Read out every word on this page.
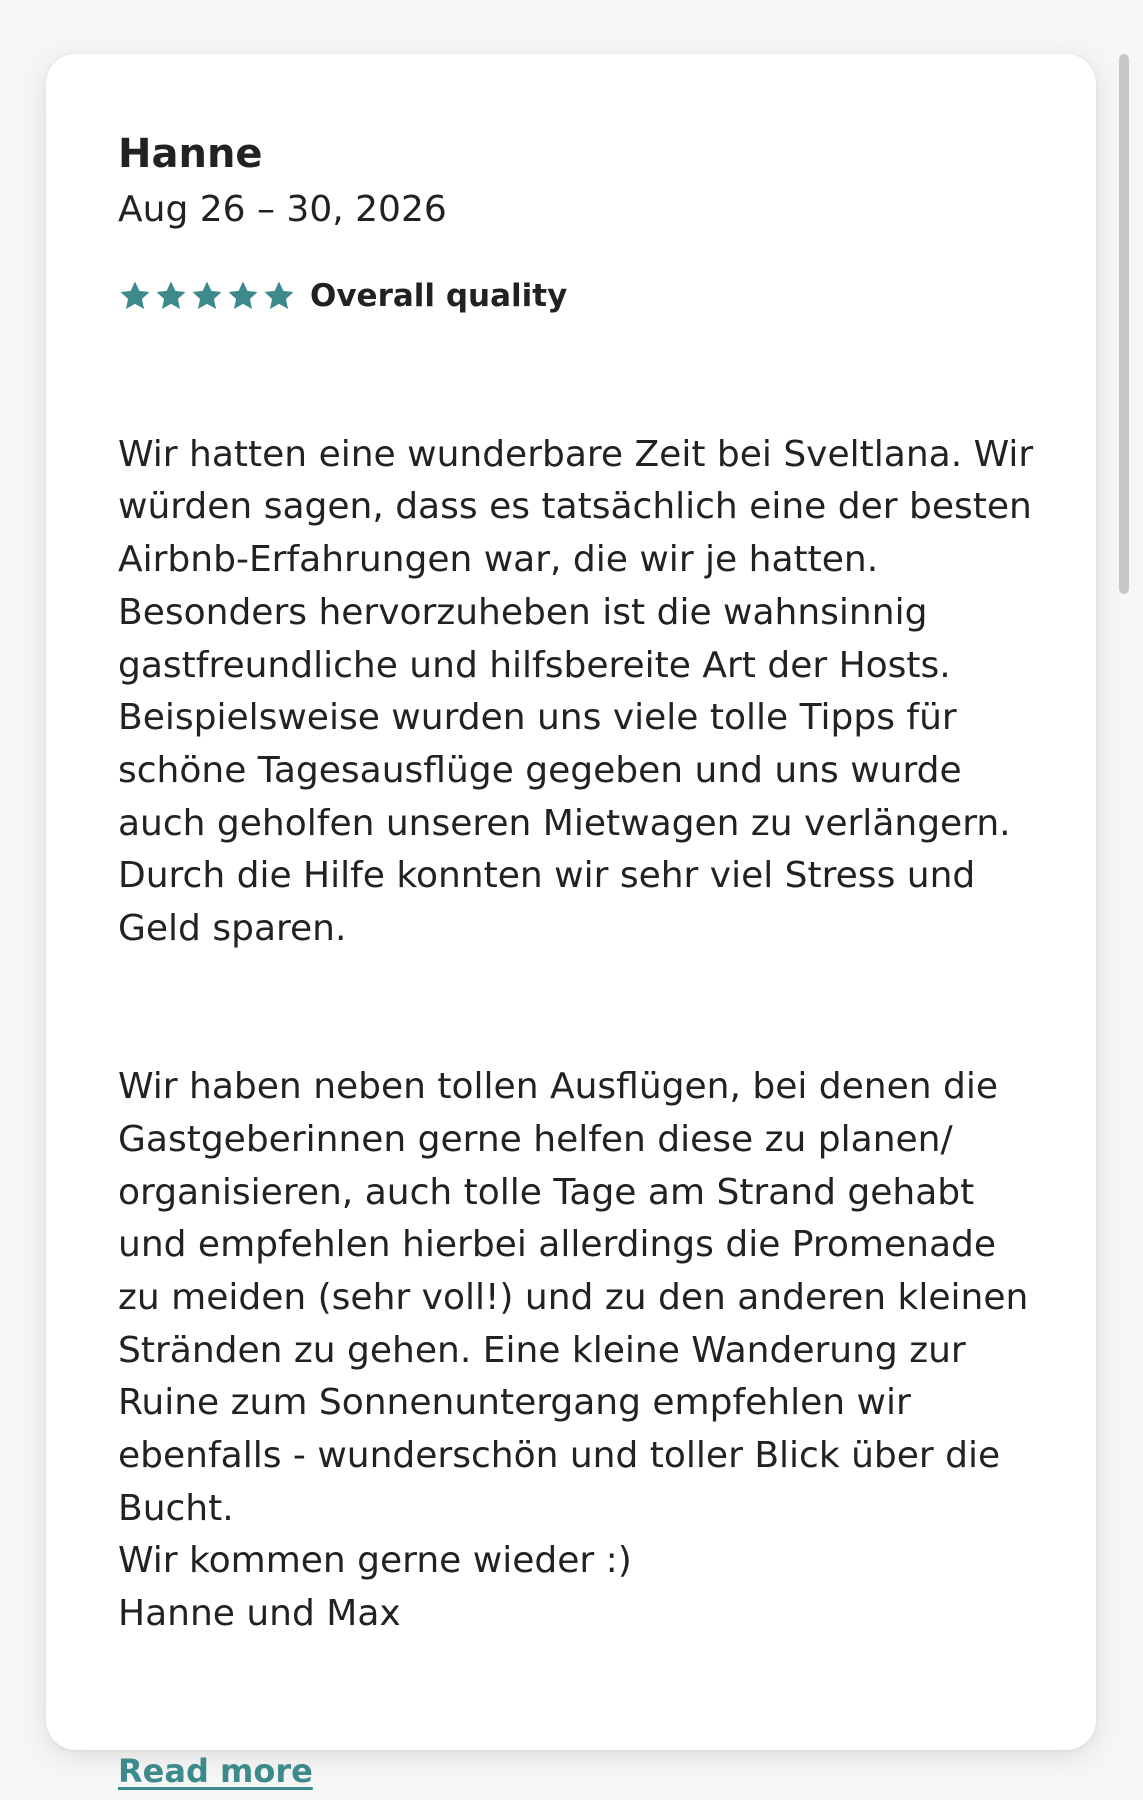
Hanne
Aug 26 – 30, 2026
Overall quality

Wir hatten eine wunderbare Zeit bei Sveltlana. Wir würden sagen, dass es tatsächlich eine der besten Airbnb-Erfahrungen war, die wir je hatten. Besonders hervorzuheben ist die wahnsinnig gastfreundliche und hilfsbereite Art der Hosts. Beispielsweise wurden uns viele tolle Tipps für schöne Tagesausflüge gegeben und uns wurde auch geholfen unseren Mietwagen zu verlängern. Durch die Hilfe konnten wir sehr viel Stress und Geld sparen.

Wir haben neben tollen Ausflügen, bei denen die Gastgeberinnen gerne helfen diese zu planen/ organisieren, auch tolle Tage am Strand gehabt und empfehlen hierbei allerdings die Promenade zu meiden (sehr voll!) und zu den anderen kleinen Stränden zu gehen. Eine kleine Wanderung zur Ruine zum Sonnenuntergang empfehlen wir ebenfalls - wunderschön und toller Blick über die Bucht.
Wir kommen gerne wieder :)
Hanne und Max

Read more
